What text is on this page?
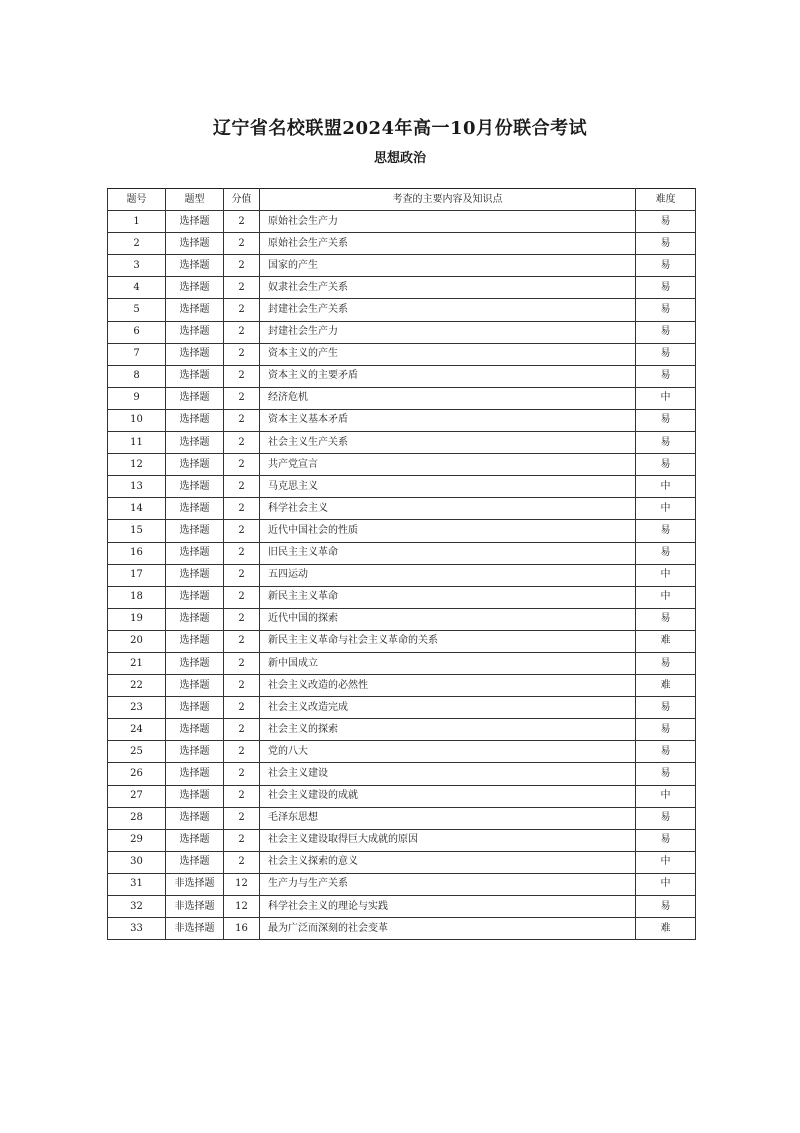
辽宁省名校联盟2024年高一10月份联合考试
思想政治
题号	题型	分值	考查的主要内容及知识点	难度
1	选择题	2	原始社会生产力	易
2	选择题	2	原始社会生产关系	易
3	选择题	2	国家的产生	易
4	选择题	2	奴隶社会生产关系	易
5	选择题	2	封建社会生产关系	易
6	选择题	2	封建社会生产力	易
7	选择题	2	资本主义的产生	易
8	选择题	2	资本主义的主要矛盾	易
9	选择题	2	经济危机	中
10	选择题	2	资本主义基本矛盾	易
11	选择题	2	社会主义生产关系	易
12	选择题	2	共产党宣言	易
13	选择题	2	马克思主义	中
14	选择题	2	科学社会主义	中
15	选择题	2	近代中国社会的性质	易
16	选择题	2	旧民主主义革命	易
17	选择题	2	五四运动	中
18	选择题	2	新民主主义革命	中
19	选择题	2	近代中国的探索	易
20	选择题	2	新民主主义革命与社会主义革命的关系	难
21	选择题	2	新中国成立	易
22	选择题	2	社会主义改造的必然性	难
23	选择题	2	社会主义改造完成	易
24	选择题	2	社会主义的探索	易
25	选择题	2	党的八大	易
26	选择题	2	社会主义建设	易
27	选择题	2	社会主义建设的成就	中
28	选择题	2	毛泽东思想	易
29	选择题	2	社会主义建设取得巨大成就的原因	易
30	选择题	2	社会主义探索的意义	中
31	非选择题	12	生产力与生产关系	中
32	非选择题	12	科学社会主义的理论与实践	易
33	非选择题	16	最为广泛而深刻的社会变革	难
